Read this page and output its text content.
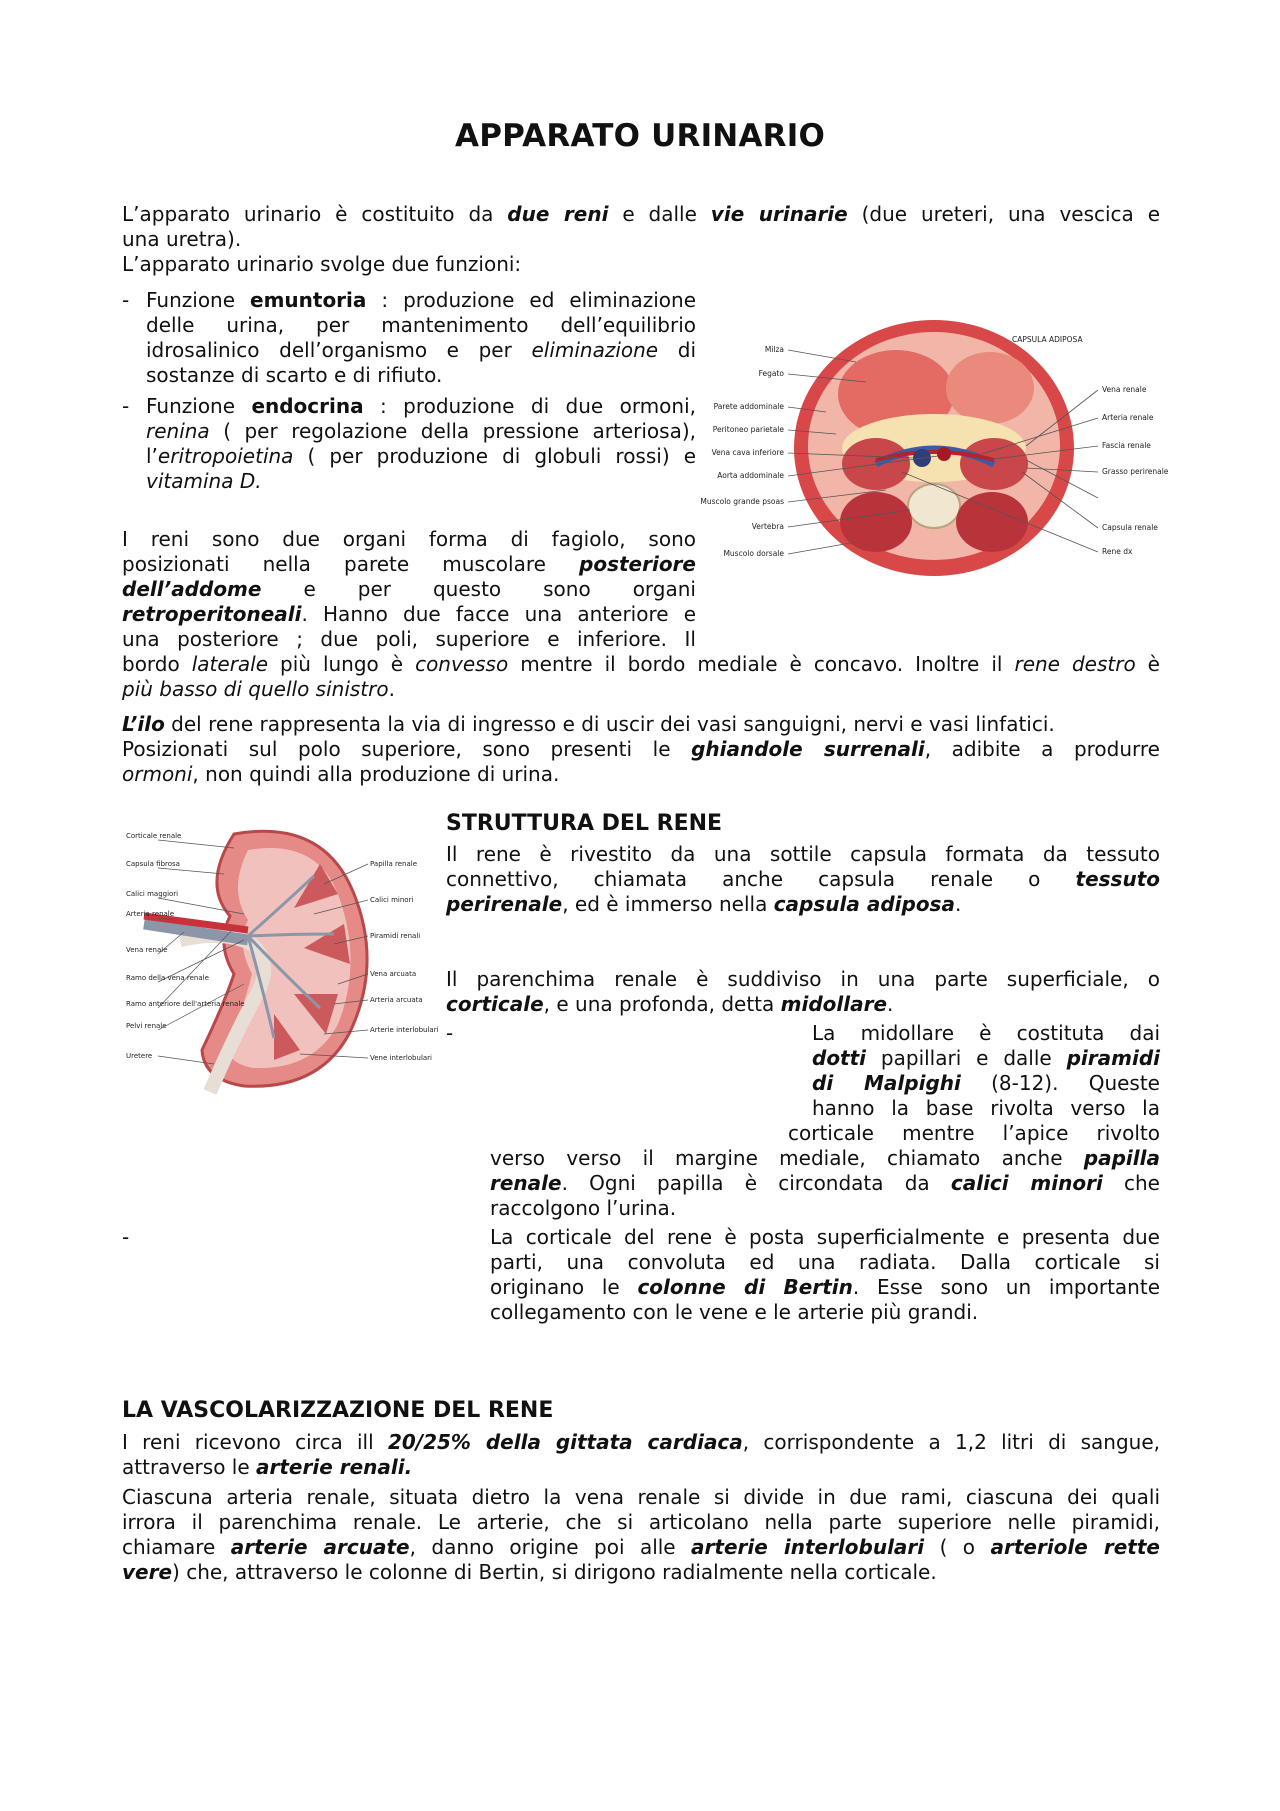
APPARATO URINARIO
L’apparato urinario è costituito da due reni e dalle vie urinarie (due ureteri, una vescica e
una uretra).
L’apparato urinario svolge due funzioni:
- Funzione emuntoria : produzione ed eliminazione
delle urina, per mantenimento dell’equilibrio
idrosalinico dell’organismo e per eliminazione di
sostanze di scarto e di rifiuto.
- Funzione endocrina : produzione di due ormoni,
renina ( per regolazione della pressione arteriosa),
l’eritropoietina ( per produzione di globuli rossi) e
vitamina D.
I reni sono due organi forma di fagiolo, sono
posizionati nella parete muscolare posteriore
dell’addome e per questo sono organi
retroperitoneali. Hanno due facce una anteriore e
una posteriore ; due poli, superiore e inferiore. Il
bordo laterale più lungo è convesso mentre il bordo mediale è concavo. Inoltre il rene destro è
più basso di quello sinistro.
L’ilo del rene rappresenta la via di ingresso e di uscir dei vasi sanguigni, nervi e vasi linfatici.
Posizionati sul polo superiore, sono presenti le ghiandole surrenali, adibite a produrre
ormoni, non quindi alla produzione di urina.
Milza
Fegato
Parete addominale
Peritoneo parietale
Vena cava inferiore
Aorta addominale
Muscolo grande psoas
Vertebra
Muscolo dorsale
CAPSULA ADIPOSA
Vena renale
Arteria renale
Fascia renale
Grasso perirenale
Capsula renale
Rene dx
STRUTTURA DEL RENE
Il rene è rivestito da una sottile capsula formata da tessuto
connettivo, chiamata anche capsula renale o tessuto
perirenale, ed è immerso nella capsula adiposa.
Il parenchima renale è suddiviso in una parte superficiale, o
corticale, e una profonda, detta midollare.
-	La midollare è costituta dai
dotti papillari e dalle piramidi
di Malpighi (8-12). Queste
hanno la base rivolta verso la
corticale mentre l’apice rivolto
verso verso il margine mediale, chiamato anche papilla
renale. Ogni papilla è circondata da calici minori che
raccolgono l’urina.
-	La corticale del rene è posta superficialmente e presenta due
parti, una convoluta ed una radiata. Dalla corticale si
originano le colonne di Bertin. Esse sono un importante
collegamento con le vene e le arterie più grandi.
Corticale renale
Capsula fibrosa
Calici maggiori
Arteria renale
Vena renale
Ramo della vena renale
Ramo anteriore dell'arteria renale
Pelvi renale
Uretere
Papilla renale
Calici minori
Piramidi renali
Vena arcuata
Arteria arcuata
Arterie interlobulari
Vene interlobulari
LA VASCOLARIZZAZIONE DEL RENE
I reni ricevono circa ill 20/25% della gittata cardiaca, corrispondente a 1,2 litri di sangue,
attraverso le arterie renali.
Ciascuna arteria renale, situata dietro la vena renale si divide in due rami, ciascuna dei quali
irrora il parenchima renale. Le arterie, che si articolano nella parte superiore nelle piramidi,
chiamare arterie arcuate, danno origine poi alle arterie interlobulari ( o arteriole rette
vere) che, attraverso le colonne di Bertin, si dirigono radialmente nella corticale.
